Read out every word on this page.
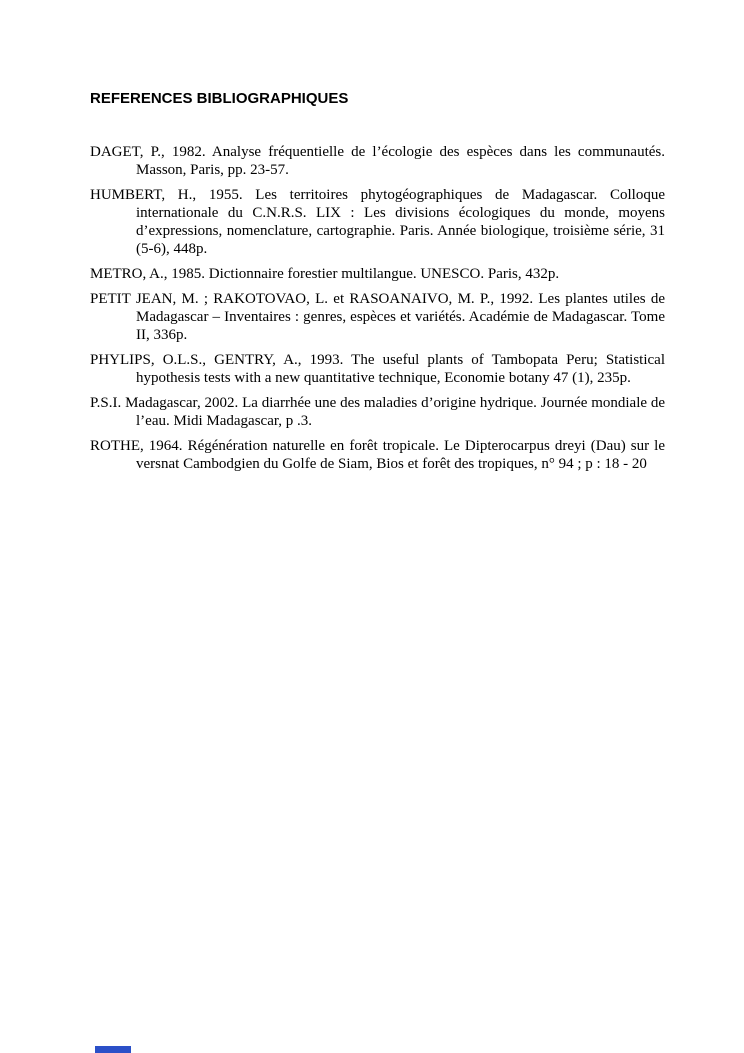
REFERENCES BIBLIOGRAPHIQUES

DAGET, P., 1982. Analyse fréquentielle de l’écologie des espèces dans les communautés. Masson, Paris, pp. 23-57.

HUMBERT, H., 1955. Les territoires phytogéographiques de Madagascar. Colloque internationale du C.N.R.S. LIX : Les divisions écologiques du monde, moyens d’expressions, nomenclature, cartographie. Paris. Année biologique, troisième série, 31 (5-6), 448p.

METRO, A., 1985. Dictionnaire forestier multilangue. UNESCO. Paris, 432p.

PETIT JEAN, M. ; RAKOTOVAO, L. et RASOANAIVO, M. P., 1992. Les plantes utiles de Madagascar – Inventaires : genres, espèces et variétés. Académie de Madagascar. Tome II, 336p.

PHYLIPS, O.L.S., GENTRY, A., 1993. The useful plants of Tambopata Peru; Statistical hypothesis tests with a new quantitative technique, Economie botany 47 (1), 235p.

P.S.I. Madagascar, 2002. La diarrhée une des maladies d’origine hydrique. Journée mondiale de l’eau. Midi Madagascar, p .3.

ROTHE, 1964. Régénération naturelle en forêt tropicale. Le Dipterocarpus dreyi (Dau) sur le versnat Cambodgien du Golfe de Siam, Bios et forêt des tropiques, n° 94 ; p : 18 - 20
